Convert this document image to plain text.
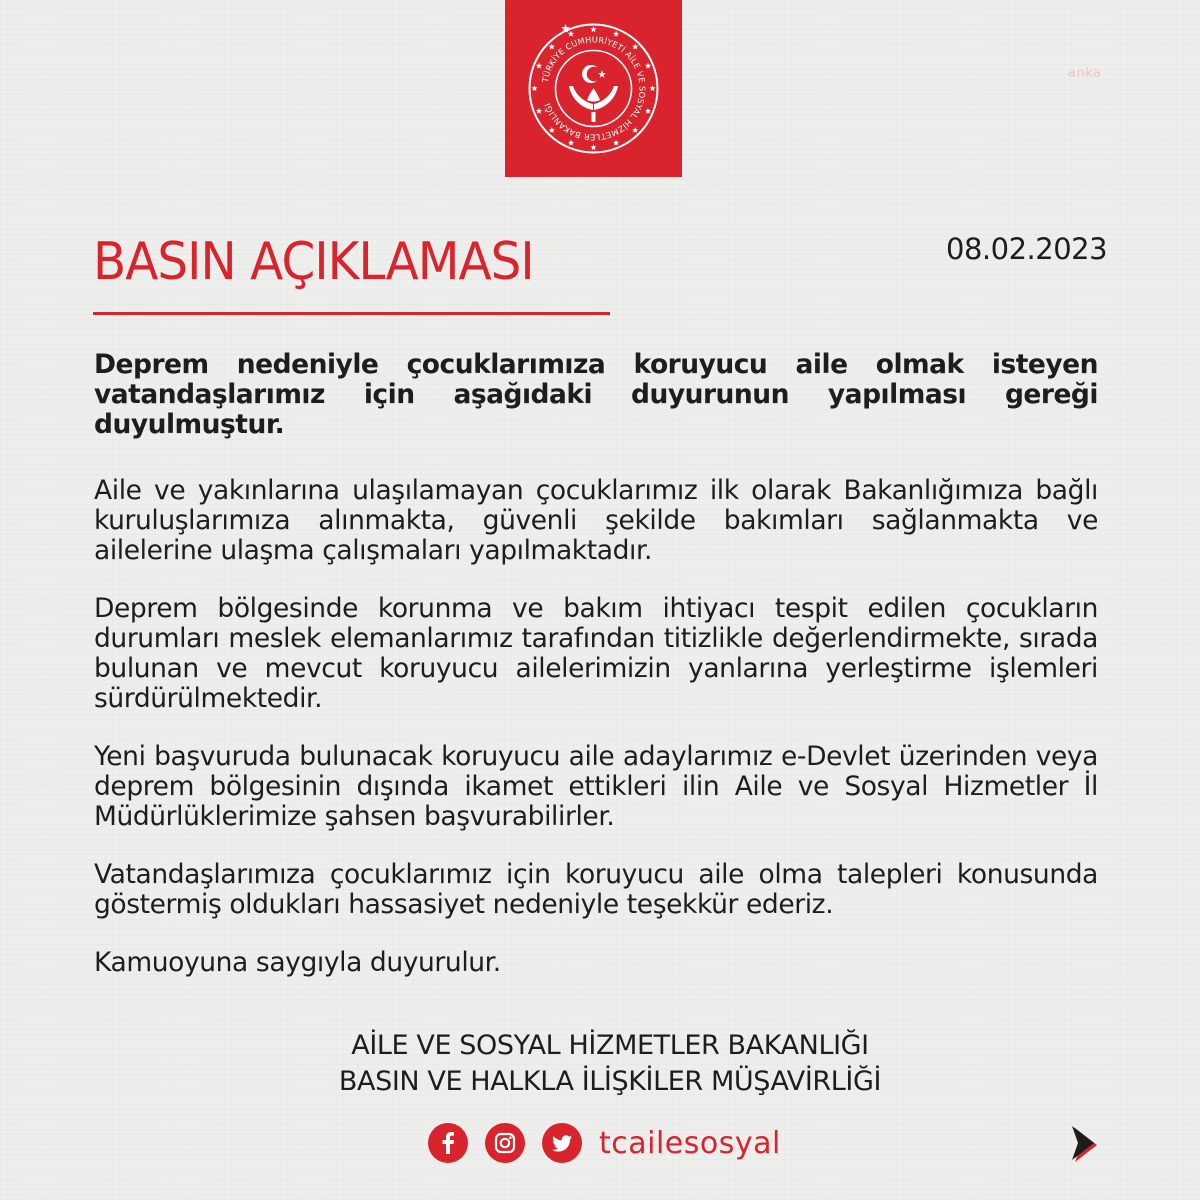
TÜRKİYE CUMHURİYETİ AİLE VE SOSYAL HİZMETLER BAKANLIĞI
anka
BASIN AÇIKLAMASI	08.02.2023

Deprem nedeniyle çocuklarımıza koruyucu aile olmak isteyen vatandaşlarımız için aşağıdaki duyurunun yapılması gereği duyulmuştur.

Aile ve yakınlarına ulaşılamayan çocuklarımız ilk olarak Bakanlığımıza bağlı kuruluşlarımıza alınmakta, güvenli şekilde bakımları sağlanmakta ve ailelerine ulaşma çalışmaları yapılmaktadır.

Deprem bölgesinde korunma ve bakım ihtiyacı tespit edilen çocukların durumları meslek elemanlarımız tarafından titizlikle değerlendirmekte, sırada bulunan ve mevcut koruyucu ailelerimizin yanlarına yerleştirme işlemleri sürdürülmektedir.

Yeni başvuruda bulunacak koruyucu aile adaylarımız e-Devlet üzerinden veya deprem bölgesinin dışında ikamet ettikleri ilin Aile ve Sosyal Hizmetler İl Müdürlüklerimize şahsen başvurabilirler.

Vatandaşlarımıza çocuklarımız için koruyucu aile olma talepleri konusunda göstermiş oldukları hassasiyet nedeniyle teşekkür ederiz.

Kamuoyuna saygıyla duyurulur.

AİLE VE SOSYAL HİZMETLER BAKANLIĞI
BASIN VE HALKLA İLİŞKİLER MÜŞAVİRLİĞİ
tcailesosyal
